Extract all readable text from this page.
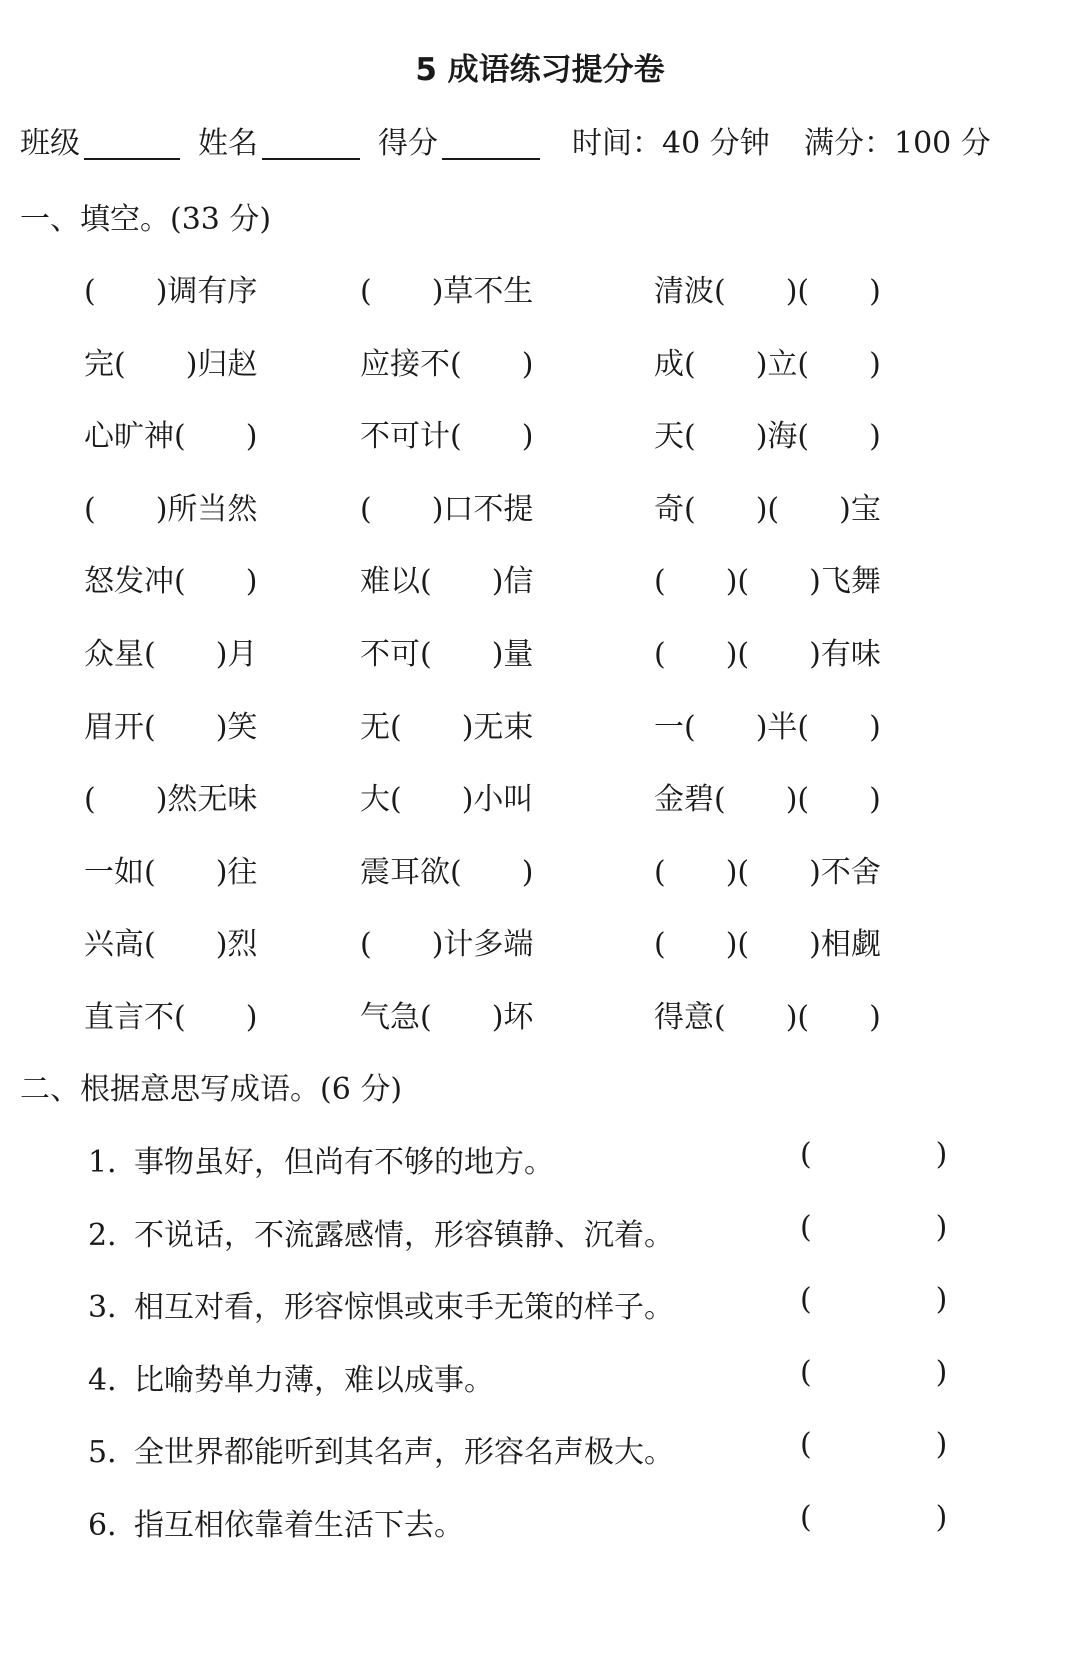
5 成语练习提分卷
班级	姓名	得分	时间：40 分钟 满分：100 分
一、填空。(33 分)
(　　)调有序	(　　)草不生	清波(　　)(　　)
完(　　)归赵	应接不(　　)	成(　　)立(　　)
心旷神(　　)	不可计(　　)	天(　　)海(　　)
(　　)所当然	(　　)口不提	奇(　　)(　　)宝
怒发冲(　　)	难以(　　)信	(　　)(　　)飞舞
众星(　　)月	不可(　　)量	(　　)(　　)有味
眉开(　　)笑	无(　　)无束	一(　　)半(　　)
(　　)然无味	大(　　)小叫	金碧(　　)(　　)
一如(　　)往	震耳欲(　　)	(　　)(　　)不舍
兴高(　　)烈	(　　)计多端	(　　)(　　)相觑
直言不(　　)	气急(　　)坏	得意(　　)(　　)
二、根据意思写成语。(6 分)
1．
事物虽好，但尚有不够的地方。	(             )
2．
不说话，不流露感情，形容镇静、沉着。	(             )
3．
相互对看，形容惊惧或束手无策的样子。	(             )
4．
比喻势单力薄，难以成事。	(             )
5．
全世界都能听到其名声，形容名声极大。	(             )
6．
指互相依靠着生活下去。	(             )
